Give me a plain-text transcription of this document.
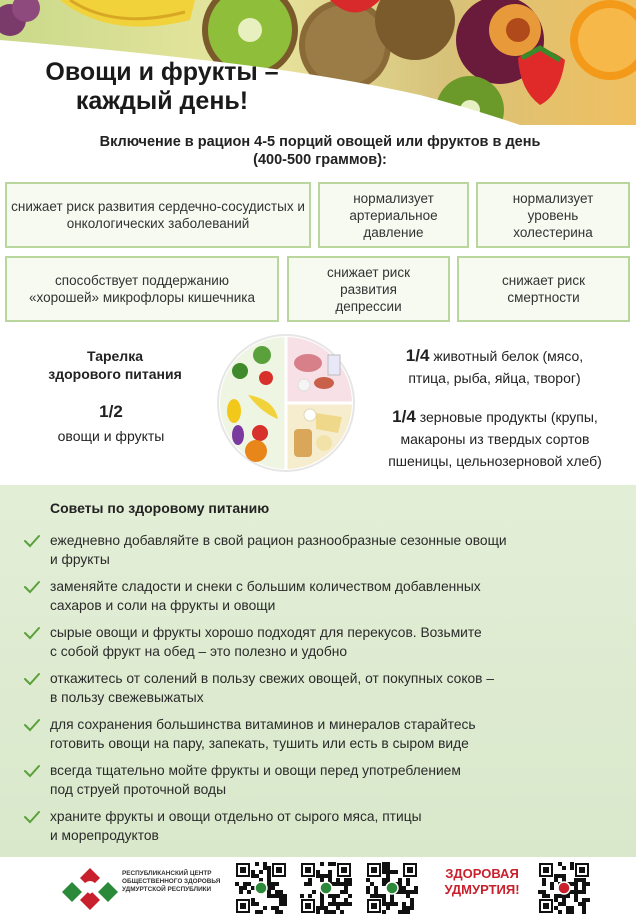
Овощи и фрукты –
каждый день!
Включение в рацион 4-5 порций овощей или фруктов в день
(400-500 граммов):
снижает риск развития сердечно-сосудистых и онкологических заболеваний
нормализует артериальное давление
нормализует уровень холестерина
способствует поддержанию «хорошей» микрофлоры кишечника
снижает риск развития депрессии
снижает риск смертности
Тарелка
здорового питания
1/2
овощи и фрукты
1/4 животный белок (мясо,
птица, рыба, яйца, творог)
1/4 зерновые продукты (крупы,
макароны из твердых сортов
пшеницы, цельнозерновой хлеб)
Советы по здоровому питанию
ежедневно добавляйте в свой рацион разнообразные сезонные овощи
и фрукты
заменяйте сладости и снеки с большим количеством добавленных
сахаров и соли на фрукты и овощи
сырые овощи и фрукты хорошо подходят для перекусов. Возьмите
с собой фрукт на обед – это полезно и удобно
откажитесь от солений в пользу свежих овощей, от покупных соков –
в пользу свежевыжатых
для сохранения большинства витаминов и минералов старайтесь
готовить овощи на пару, запекать, тушить или есть в сыром виде
всегда тщательно мойте фрукты и овощи перед употреблением
под струей проточной воды
храните фрукты и овощи отдельно от сырого мяса, птицы
и морепродуктов
РЕСПУБЛИКАНСКИЙ ЦЕНТР
ОБЩЕСТВЕННОГО ЗДОРОВЬЯ
УДМУРТСКОЙ РЕСПУБЛИКИ
ЗДОРОВАЯ
УДМУРТИЯ!
